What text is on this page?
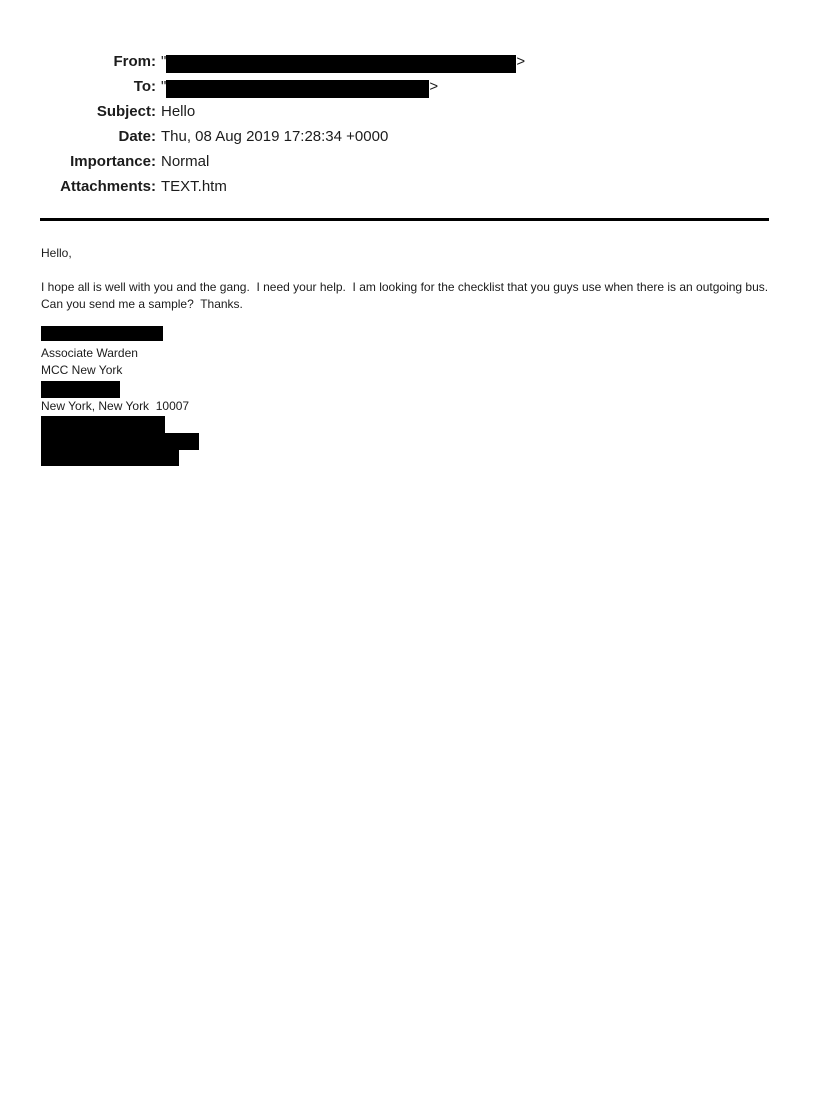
From: "	>
To: "	>
Subject: Hello
Date: Thu, 08 Aug 2019 17:28:34 +0000
Importance: Normal
Attachments: TEXT.htm
Hello,
I hope all is well with you and the gang.  I need your help.  I am looking for the checklist that you guys use when there is an outgoing bus.  Can you send me a sample?  Thanks.
Associate Warden
MCC New York
New York, New York  10007
